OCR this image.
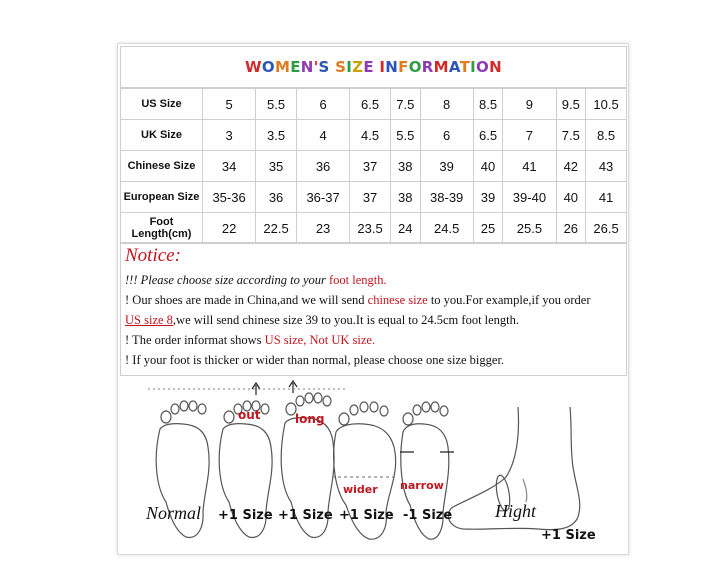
WOMEN'S SIZE INFORMATION
US Size	5	5.5	6	6.5	7.5	8	8.5	9	9.5	10.5
UK Size	3	3.5	4	4.5	5.5	6	6.5	7	7.5	8.5
Chinese Size	34	35	36	37	38	39	40	41	42	43
European Size	35-36	36	36-37	37	38	38-39	39	39-40	40	41
Foot
Length(cm)	22	22.5	23	23.5	24	24.5	25	25.5	26	26.5
Notice:
!!! Please choose size according to your foot length.
! Our shoes are made in China,and we will send chinese size to you.For example,if you order
US size 8,we will send chinese size 39 to you.It is equal to 24.5cm foot length.
! The order informat shows US size, Not UK size.
! If your foot is thicker or wider than normal, please choose one size bigger.
out	long
wider narrow
Normal +1 Size +1 Size +1 Size -1 Size Hight
+1 Size
